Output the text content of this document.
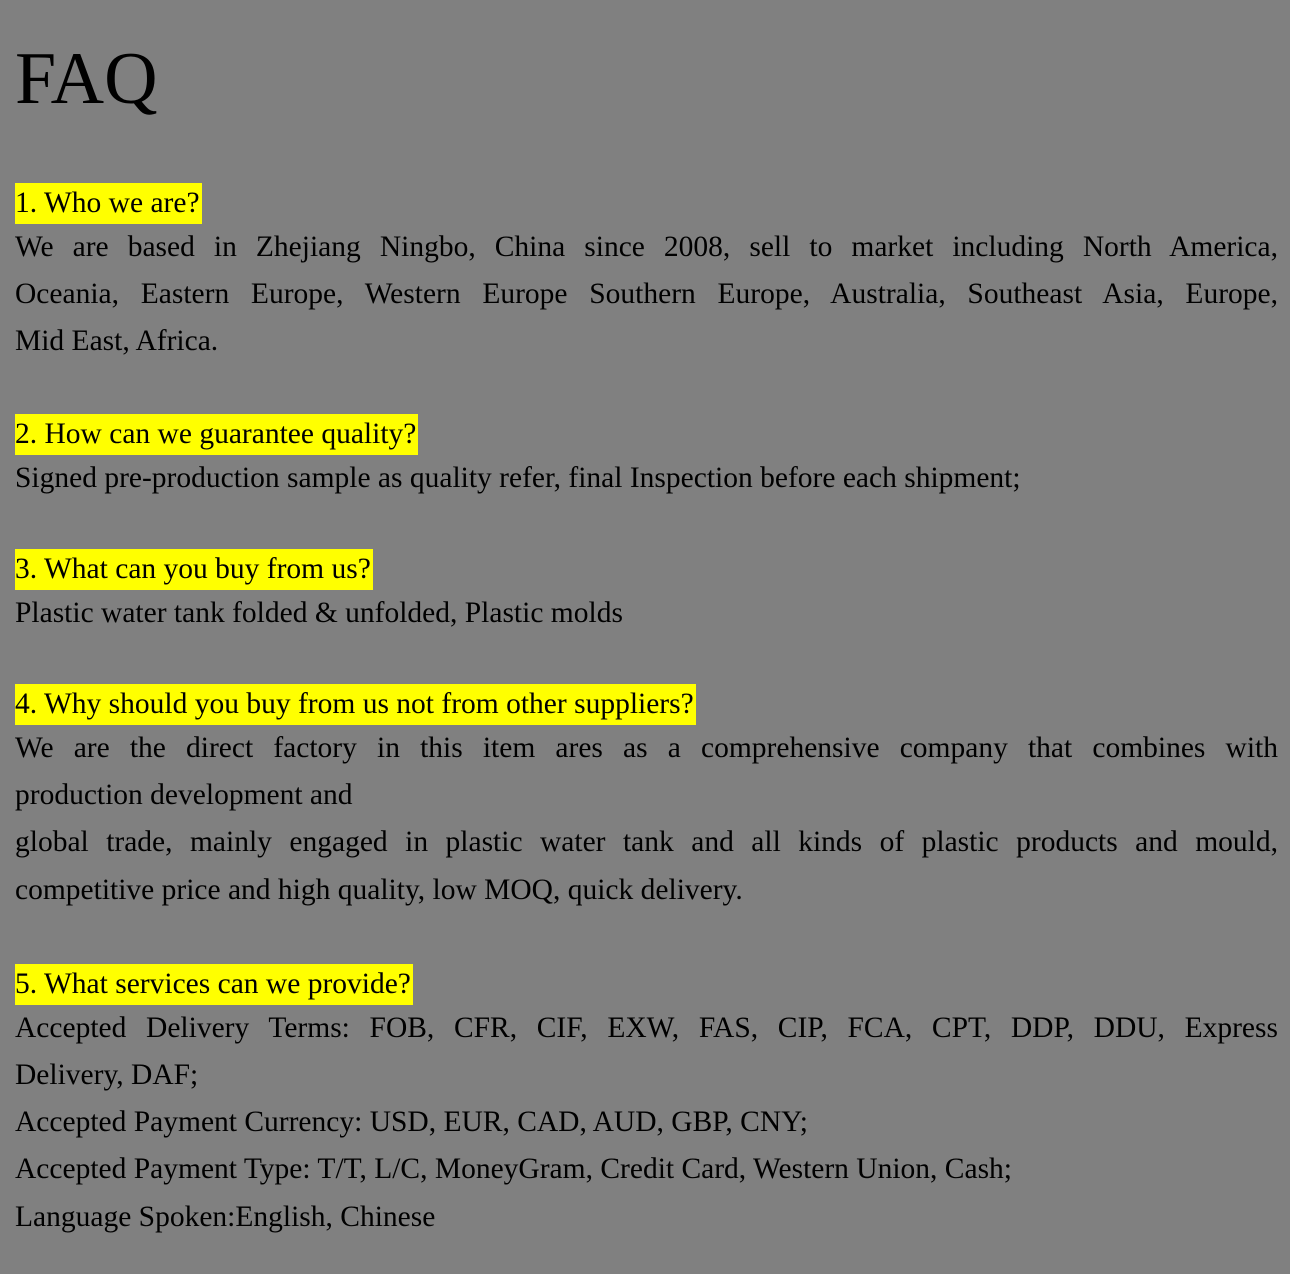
FAQ
1. Who we are?
We are based in Zhejiang Ningbo, China since 2008, sell to market including North America,
Oceania, Eastern Europe, Western Europe Southern Europe, Australia, Southeast Asia, Europe,
Mid East, Africa.
2. How can we guarantee quality?
Signed pre-production sample as quality refer, final Inspection before each shipment;
3. What can you buy from us?
Plastic water tank folded & unfolded, Plastic molds
4. Why should you buy from us not from other suppliers?
We are the direct factory in this item ares as a comprehensive company that combines with
production development and
global trade, mainly engaged in plastic water tank and all kinds of plastic products and mould,
competitive price and high quality, low MOQ, quick delivery.
5. What services can we provide?
Accepted Delivery Terms: FOB, CFR, CIF, EXW, FAS, CIP, FCA, CPT, DDP, DDU, Express
Delivery, DAF;
Accepted Payment Currency: USD, EUR, CAD, AUD, GBP, CNY;
Accepted Payment Type: T/T, L/C, MoneyGram, Credit Card, Western Union, Cash;
Language Spoken:English, Chinese
